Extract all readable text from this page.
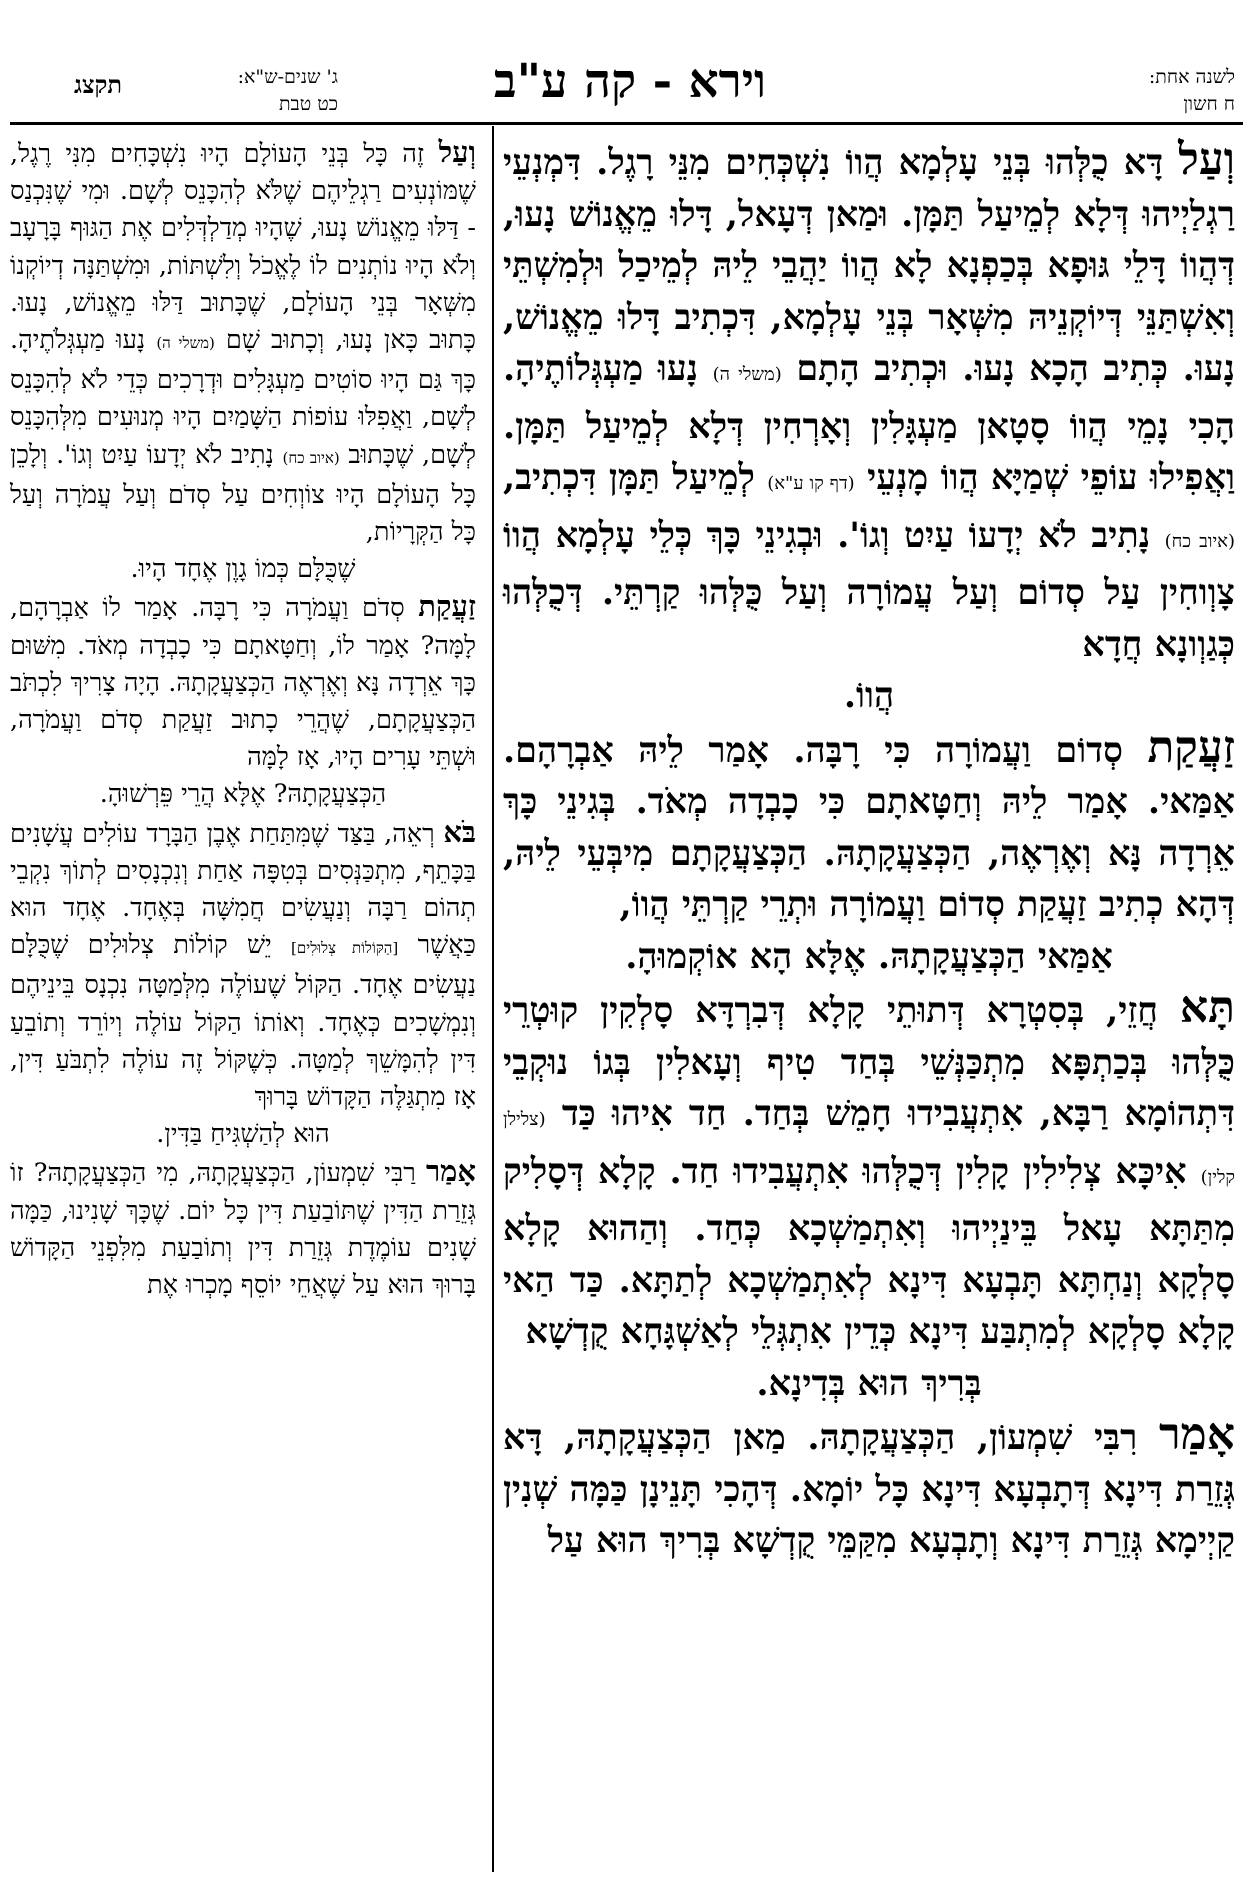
לשנה אחת:
ח חשון
וירא - קה ע"ב
ג' שנים-ש"א:
כט טבת
תקצג

וְעַל דָּא כֻלְּהוּ בְּנֵי עָלְמָא הֲווֹ נִשְׁכְּחִים מִנֵּי רָגֶל. דִּמְנְעֵי רַגְלַיְיהוּ דְּלָא לְמֵיעַל תַּמָּן. וּמַאן דְּעָאל, דָּלוּ מֵאֱנוֹשׁ נָעוּ, דְּהֲווֹ דָּלֵי גּוּפָא בְּכַפְנָא לָא הֲווֹ יַהֲבֵי לֵיהּ לְמֵיכַל וּלְמִשְׁתֵּי וְאִשְׁתַּנֵּי דְּיוֹקְנֵיהּ מִשְּׁאָר בְּנֵי עָלְמָא, דִּכְתִיב דָּלוּ מֵאֱנוֹשׁ, נָעוּ. כְּתִיב הָכָא נָעוּ. וּכְתִיב הָתָם (משלי ה) נָעוּ מַעְגְּלוֹתֶיהָ. הָכִי נָמֵי הֲווֹ סָטָאן מַעְגָּלִין וְאָרְחִין דְּלָא לְמֵיעַל תַּמָּן. וַאֲפִילוּ עוֹפֵי שְׁמַיָּא הֲווֹ מָנְעֵי (דף קו ע"א) לְמֵיעַל תַּמָּן דִּכְתִיב, (איוב כח) נָתִיב לֹא יְדָעוֹ עַיִט וְגוֹ'. וּבְגִינֵי כָּךְ כְּלֵי עָלְמָא הֲווֹ צָוְוחִין עַל סְדוֹם וְעַל עֲמוֹרָה וְעַל כֻּלְּהוּ קַרְתֵּי. דְּכֻלְּהוּ כְּגַוְונָא חֲדָא
הֲווֹ.

זַעֲקַת סְדוֹם וַעֲמוֹרָה כִּי רָבָּה. אָמַר לֵיהּ אַבְרָהָם. אַמַּאי. אָמַר לֵיהּ וְחַטָּאתָם כִּי כָבְדָה מְאֹד. בְּגִינֵי כָּךְ אֵרְדָה נָּא וְאֶרְאֶה, הַכְּצַעֲקָתָהּ. הַכְּצַעֲקָתָם מִיבְּעֵי לֵיהּ, דְּהָא כְתִיב זַעֲקַת סְדוֹם וַעֲמוֹרָה וּתְרֵי קַרְתֵּי הֲווֹ,
אַמַּאי הַכְּצַעֲקָתָהּ. אֶלָּא הָא אוֹקְמוּהָ.

תָּא חֲזֵי, בְּסִטְרָא דְּתוּתֵי קָלָא דְּבִרְדָּא סָלְקִין קוּטְרֵי כֻּלְּהוּ בְּכַתְפָּא מִתְכַּנְּשֵׁי בְּחַד טִיף וְעָאלִין בְּגוֹ נוּקְבֵי דִּתְהוֹמָא רַבָּא, אִתְעֲבִידוּ חָמֵשׁ בְּחַד. חַד אִיהוּ כַּד (צלילן קלין) אִיכָּא צְלִילִין קָלִין דְּכֻלְּהוּ אִתְעֲבִידוּ חַד. קָלָא דְּסָלִיק מִתַּתָּא עָאל בֵּינַיְיהוּ וְאִתְמַשְׁכָא כְּחַד. וְהַהוּא קָלָא סָלְקָא וְנַחְתָּא תָּבְעָא דִּינָא לְאִתְמַשְׁכָא לְתַתָּא. כַּד הַאי קָלָא סָלְקָא לְמִתְבַּע דִּינָא כְּדֵין אִתְגְּלֵי לְאַשְׁגָּחָא קֻדְשָׁא
בְּרִיךְ הוּא בְּדִינָא.

אָמַר רִבִּי שִׁמְעוֹן, הַכְּצַעֲקָתָהּ. מַאן הַכְּצַעֲקָתָהּ, דָּא גְּזֵרַת דִּינָא דְּתָבְעָא דִּינָא כָּל יוֹמָא. דְּהָכִי תָּנֵינָן כַּמָּה שְׁנִין קַיְימָא גְּזֵרַת דִּינָא וְתָבְעָא מִקַּמֵּי קֻדְשָׁא בְּרִיךְ הוּא עַל

וְעַל זֶה כָּל בְּנֵי הָעוֹלָם הָיוּ נִשְׁכָּחִים מִנִּי רֶגֶל, שֶׁמּוֹנְעִים רַגְלֵיהֶם שֶׁלֹּא לְהִכָּנֵס לְשָׁם. וּמִי שֶׁנִּכְנַס - דַּלּוּ מֵאֱנוֹשׁ נָעוּ, שֶׁהָיוּ מְדַלְדְּלִים אֶת הַגּוּף בָּרָעָב וְלֹא הָיוּ נוֹתְנִים לוֹ לֶאֱכֹל וְלִשְׁתּוֹת, וּמִשְׁתַּנָּה דְיוֹקְנוֹ מִשְּׁאָר בְּנֵי הָעוֹלָם, שֶׁכָּתוּב דַּלּוּ מֵאֱנוֹשׁ, נָעוּ. כָּתוּב כָּאן נָעוּ, וְכָתוּב שָׁם (משלי ה) נָעוּ מַעְגְּלֹתֶיהָ. כָּךְ גַּם הָיוּ סוֹטִים מַעְגָּלִים וּדְרָכִים כְּדֵי לֹא לְהִכָּנֵס לְשָׁם, וַאֲפִלּוּ עוֹפוֹת הַשָּׁמַיִם הָיוּ מְנוּעִים מִלְּהִכָּנֵס לְשָׁם, שֶׁכָּתוּב (איוב כח) נָתִיב לֹא יְדָעוֹ עַיִט וְגוֹ'. וְלָכֵן כָּל הָעוֹלָם הָיוּ צוֹוְחִים עַל סְדֹם וְעַל עֲמֹרָה וְעַל כָּל הַקְּרָיוֹת,
שֶׁכֻּלָּם כְּמוֹ גָוֶן אֶחָד הָיוּ.

זַעֲקַת סְדֹם וַעֲמֹרָה כִּי רָבָּה. אָמַר לוֹ אַבְרָהָם, לָמָּה? אָמַר לוֹ, וְחַטָּאתָם כִּי כָבְדָה מְאֹד. מִשּׁוּם כָּךְ אֵרְדָה נָּא וְאֶרְאֶה הַכְּצַעֲקָתָהּ. הָיָה צָרִיךְ לִכְתֹּב הַכְּצַעֲקָתָם, שֶׁהֲרֵי כָתוּב זַעֲקַת סְדֹם וַעֲמֹרָה, וּשְׁתֵּי עָרִים הָיוּ, אָז לָמָּה
הַכְּצַעֲקָתָהּ? אֶלָּא הֲרֵי פֵּרְשׁוּהָ.

בֹּא רְאֵה, בַּצַּד שֶׁמִּתַּחַת אֶבֶן הַבָּרָד עוֹלִים עֲשָׁנִים בַּכָּתֵף, מִתְכַּנְּסִים בְּטִפָּה אַחַת וְנִכְנָסִים לְתוֹךְ נִקְבֵי תְהוֹם רַבָּה וְנַעֲשִׂים חֲמִשָּׁה בְּאֶחָד. אֶחָד הוּא כַּאֲשֶׁר [הַקּוֹלוֹת צְלוּלִים] יֵשׁ קוֹלוֹת צְלוּלִים שֶׁכֻּלָּם נַעֲשִׂים אֶחָד. הַקּוֹל שֶׁעוֹלֶה מִלְּמַטָּה נִכְנָס בֵּינֵיהֶם וְנִמְשָׁכִים כְּאֶחָד. וְאוֹתוֹ הַקּוֹל עוֹלֶה וְיוֹרֵד וְתוֹבֵעַ דִּין לְהִמָּשֵׁךְ לְמַטָּה. כְּשֶׁקּוֹל זֶה עוֹלֶה לִתְבֹּעַ דִּין, אָז מִתְגַּלֶּה הַקָּדוֹשׁ בָּרוּךְ
הוּא לְהַשְׁגִּיחַ בַּדִּין.

אָמַר רַבִּי שִׁמְעוֹן, הַכְּצַעֲקָתָהּ, מִי הַכְּצַעֲקָתָהּ? זוֹ גְּזֵרַת הַדִּין שֶׁתּוֹבַעַת דִּין כָּל יוֹם. שֶׁכָּךְ שָׁנִינוּ, כַּמָּה שָׁנִים עוֹמֶדֶת גְּזֵרַת דִּין וְתוֹבַעַת מִלִּפְנֵי הַקָּדוֹשׁ בָּרוּךְ הוּא עַל שֶׁאֲחֵי יוֹסֵף מָכְרוּ אֶת
